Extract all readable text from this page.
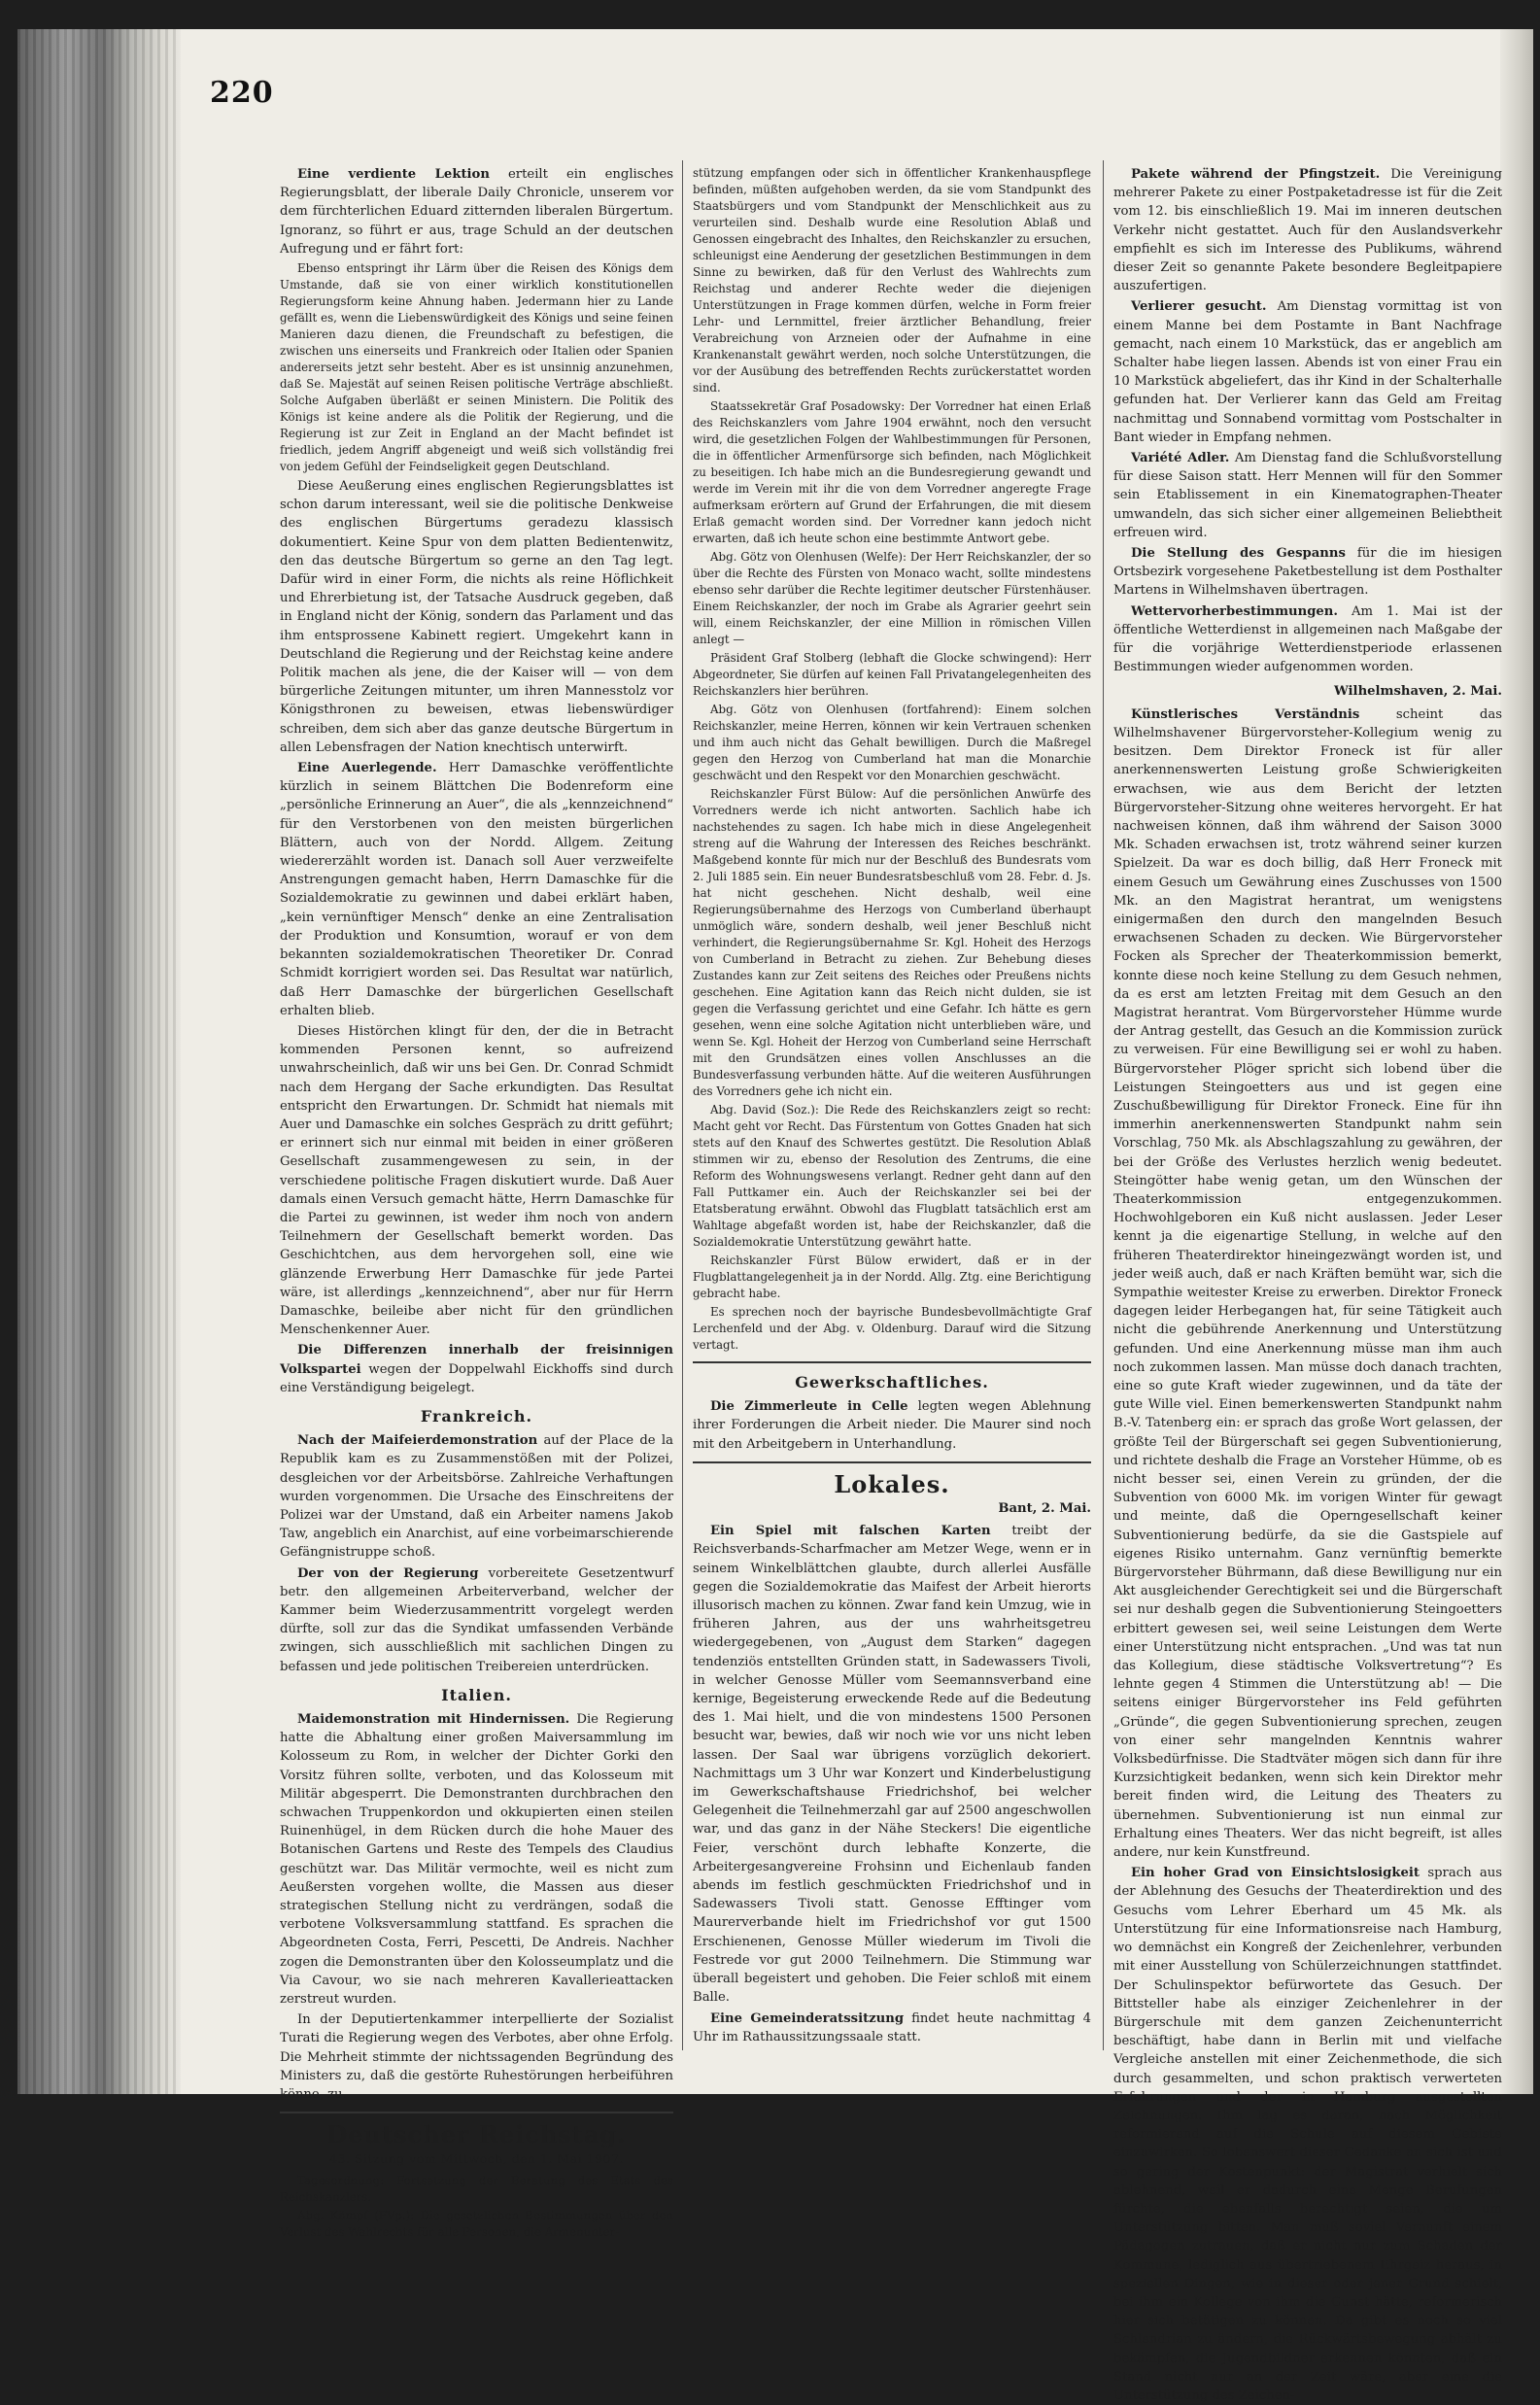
220

Eine verdiente Lektion erteilt ein englisches Regierungsblatt, der liberale Daily Chronicle, unserem vor dem fürchterlichen Eduard zitternden liberalen Bürgertum. Ignoranz, so führt er aus, trage Schuld an der deutschen Aufregung und er fährt fort:

Ebenso entspringt ihr Lärm über die Reisen des Königs dem Umstande, daß sie von einer wirklich konstitutionellen Regierungsform keine Ahnung haben. Jedermann hier zu Lande gefällt es, wenn die Liebenswürdigkeit des Königs und seine feinen Manieren dazu dienen, die Freundschaft zu befestigen, die zwischen uns einerseits und Frankreich oder Italien oder Spanien andererseits jetzt sehr besteht. Aber es ist unsinnig anzunehmen, daß Se. Majestät auf seinen Reisen politische Verträge abschließt. Solche Aufgaben überläßt er seinen Ministern. Die Politik des Königs ist keine andere als die Politik der Regierung, und die Regierung ist zur Zeit in England an der Macht befindet ist friedlich, jedem Angriff abgeneigt und weiß sich vollständig frei von jedem Gefühl der Feindseligkeit gegen Deutschland.

Diese Aeußerung eines englischen Regierungsblattes ist schon darum interessant, weil sie die politische Denkweise des englischen Bürgertums geradezu klassisch dokumentiert. Keine Spur von dem platten Bedientenwitz, den das deutsche Bürgertum so gerne an den Tag legt. Dafür wird in einer Form, die nichts als reine Höflichkeit und Ehrerbietung ist, der Tatsache Ausdruck gegeben, daß in England nicht der König, sondern das Parlament und das ihm entsprossene Kabinett regiert. Umgekehrt kann in Deutschland die Regierung und der Reichstag keine andere Politik machen als jene, die der Kaiser will — von dem bürgerliche Zeitungen mitunter, um ihren Mannesstolz vor Königsthronen zu beweisen, etwas liebenswürdiger schreiben, dem sich aber das ganze deutsche Bürgertum in allen Lebensfragen der Nation knechtisch unterwirft.

Eine Auerlegende. Herr Damaschke veröffentlichte kürzlich in seinem Blättchen Die Bodenreform eine „persönliche Erinnerung an Auer“, die als „kennzeichnend“ für den Verstorbenen von den meisten bürgerlichen Blättern, auch von der Nordd. Allgem. Zeitung wiedererzählt worden ist. Danach soll Auer verzweifelte Anstrengungen gemacht haben, Herrn Damaschke für die Sozialdemokratie zu gewinnen und dabei erklärt haben, „kein vernünftiger Mensch“ denke an eine Zentralisation der Produktion und Konsumtion, worauf er von dem bekannten sozialdemokratischen Theoretiker Dr. Conrad Schmidt korrigiert worden sei. Das Resultat war natürlich, daß Herr Damaschke der bürgerlichen Gesellschaft erhalten blieb.

Dieses Histörchen klingt für den, der die in Betracht kommenden Personen kennt, so aufreizend unwahrscheinlich, daß wir uns bei Gen. Dr. Conrad Schmidt nach dem Hergang der Sache erkundigten. Das Resultat entspricht den Erwartungen. Dr. Schmidt hat niemals mit Auer und Damaschke ein solches Gespräch zu dritt geführt; er erinnert sich nur einmal mit beiden in einer größeren Gesellschaft zusammengewesen zu sein, in der verschiedene politische Fragen diskutiert wurde. Daß Auer damals einen Versuch gemacht hätte, Herrn Damaschke für die Partei zu gewinnen, ist weder ihm noch von andern Teilnehmern der Gesellschaft bemerkt worden. Das Geschichtchen, aus dem hervorgehen soll, eine wie glänzende Erwerbung Herr Damaschke für jede Partei wäre, ist allerdings „kennzeichnend“, aber nur für Herrn Damaschke, beileibe aber nicht für den gründlichen Menschenkenner Auer.

Die Differenzen innerhalb der freisinnigen Volkspartei wegen der Doppelwahl Eickhoffs sind durch eine Verständigung beigelegt.

Frankreich.

Nach der Maifeierdemonstration auf der Place de la Republik kam es zu Zusammenstößen mit der Polizei, desgleichen vor der Arbeitsbörse. Zahlreiche Verhaftungen wurden vorgenommen. Die Ursache des Einschreitens der Polizei war der Umstand, daß ein Arbeiter namens Jakob Taw, angeblich ein Anarchist, auf eine vorbeimarschierende Gefängnistruppe schoß.

Der von der Regierung vorbereitete Gesetzentwurf betr. den allgemeinen Arbeiterverband, welcher der Kammer beim Wiederzusammentritt vorgelegt werden dürfte, soll zur das die Syndikat umfassenden Verbände zwingen, sich ausschließlich mit sachlichen Dingen zu befassen und jede politischen Treibereien unterdrücken.

Italien.

Maidemonstration mit Hindernissen. Die Regierung hatte die Abhaltung einer großen Maiversammlung im Kolosseum zu Rom, in welcher der Dichter Gorki den Vorsitz führen sollte, verboten, und das Kolosseum mit Militär abgesperrt. Die Demonstranten durchbrachen den schwachen Truppenkordon und okkupierten einen steilen Ruinenhügel, in dem Rücken durch die hohe Mauer des Botanischen Gartens und Reste des Tempels des Claudius geschützt war. Das Militär vermochte, weil es nicht zum Aeußersten vorgehen wollte, die Massen aus dieser strategischen Stellung nicht zu verdrängen, sodaß die verbotene Volksversammlung stattfand. Es sprachen die Abgeordneten Costa, Ferri, Pescetti, De Andreis. Nachher zogen die Demonstranten über den Kolosseumplatz und die Via Cavour, wo sie nach mehreren Kavallerieattacken zerstreut wurden.

In der Deputiertenkammer interpellierte der Sozialist Turati die Regierung wegen des Verbotes, aber ohne Erfolg. Die Mehrheit stimmte der nichtssagenden Begründung des Ministers zu, daß die gestörte Ruhestörungen herbeiführen könne, zu.

Deutscher Reichstag.
43. Sitzung vom Mittwoch, den 1. Mai 1907.

Tagesordnung: Fortsetzung der Beratung des Etats des Reichskanzlers.

Abg. Kämpf (FVp.): Die gesetzlichen Bestimmungen über den Verlust des Wahlrechts für alle Personen, die Armenunter-

stützung empfangen oder sich in öffentlicher Krankenhauspflege befinden, müßten aufgehoben werden, da sie vom Standpunkt des Staatsbürgers und vom Standpunkt der Menschlichkeit aus zu verurteilen sind. Deshalb wurde eine Resolution Ablaß und Genossen eingebracht des Inhaltes, den Reichskanzler zu ersuchen, schleunigst eine Aenderung der gesetzlichen Bestimmungen in dem Sinne zu bewirken, daß für den Verlust des Wahlrechts zum Reichstag und anderer Rechte weder die diejenigen Unterstützungen in Frage kommen dürfen, welche in Form freier Lehr- und Lernmittel, freier ärztlicher Behandlung, freier Verabreichung von Arzneien oder der Aufnahme in eine Krankenanstalt gewährt werden, noch solche Unterstützungen, die vor der Ausübung des betreffenden Rechts zurückerstattet worden sind.

Staatssekretär Graf Posadowsky: Der Vorredner hat einen Erlaß des Reichskanzlers vom Jahre 1904 erwähnt, noch den versucht wird, die gesetzlichen Folgen der Wahlbestimmungen für Personen, die in öffentlicher Armenfürsorge sich befinden, nach Möglichkeit zu beseitigen. Ich habe mich an die Bundesregierung gewandt und werde im Verein mit ihr die von dem Vorredner angeregte Frage aufmerksam erörtern auf Grund der Erfahrungen, die mit diesem Erlaß gemacht worden sind. Der Vorredner kann jedoch nicht erwarten, daß ich heute schon eine bestimmte Antwort gebe.

Abg. Götz von Olenhusen (Welfe): Der Herr Reichskanzler, der so über die Rechte des Fürsten von Monaco wacht, sollte mindestens ebenso sehr darüber die Rechte legitimer deutscher Fürstenhäuser. Einem Reichskanzler, der noch im Grabe als Agrarier geehrt sein will, einem Reichskanzler, der eine Million in römischen Villen anlegt —

Präsident Graf Stolberg (lebhaft die Glocke schwingend): Herr Abgeordneter, Sie dürfen auf keinen Fall Privatangelegenheiten des Reichskanzlers hier berühren.

Abg. Götz von Olenhusen (fortfahrend): Einem solchen Reichskanzler, meine Herren, können wir kein Vertrauen schenken und ihm auch nicht das Gehalt bewilligen. Durch die Maßregel gegen den Herzog von Cumberland hat man die Monarchie geschwächt und den Respekt vor den Monarchien geschwächt.

Reichskanzler Fürst Bülow: Auf die persönlichen Anwürfe des Vorredners werde ich nicht antworten. Sachlich habe ich nachstehendes zu sagen. Ich habe mich in diese Angelegenheit streng auf die Wahrung der Interessen des Reiches beschränkt. Maßgebend konnte für mich nur der Beschluß des Bundesrats vom 2. Juli 1885 sein. Ein neuer Bundesratsbeschluß vom 28. Febr. d. Js. hat nicht geschehen. Nicht deshalb, weil eine Regierungsübernahme des Herzogs von Cumberland überhaupt unmöglich wäre, sondern deshalb, weil jener Beschluß nicht verhindert, die Regierungsübernahme Sr. Kgl. Hoheit des Herzogs von Cumberland in Betracht zu ziehen. Zur Behebung dieses Zustandes kann zur Zeit seitens des Reiches oder Preußens nichts geschehen. Eine Agitation kann das Reich nicht dulden, sie ist gegen die Verfassung gerichtet und eine Gefahr. Ich hätte es gern gesehen, wenn eine solche Agitation nicht unterblieben wäre, und wenn Se. Kgl. Hoheit der Herzog von Cumberland seine Herrschaft mit den Grundsätzen eines vollen Anschlusses an die Bundesverfassung verbunden hätte. Auf die weiteren Ausführungen des Vorredners gehe ich nicht ein.

Abg. David (Soz.): Die Rede des Reichskanzlers zeigt so recht: Macht geht vor Recht. Das Fürstentum von Gottes Gnaden hat sich stets auf den Knauf des Schwertes gestützt. Die Resolution Ablaß stimmen wir zu, ebenso der Resolution des Zentrums, die eine Reform des Wohnungswesens verlangt. Redner geht dann auf den Fall Puttkamer ein. Auch der Reichskanzler sei bei der Etatsberatung erwähnt. Obwohl das Flugblatt tatsächlich erst am Wahltage abgefaßt worden ist, habe der Reichskanzler, daß die Sozialdemokratie Unterstützung gewährt hatte.

Reichskanzler Fürst Bülow erwidert, daß er in der Flugblattangelegenheit ja in der Nordd. Allg. Ztg. eine Berichtigung gebracht habe.

Es sprechen noch der bayrische Bundesbevollmächtigte Graf Lerchenfeld und der Abg. v. Oldenburg. Darauf wird die Sitzung vertagt.

Gewerkschaftliches.

Die Zimmerleute in Celle legten wegen Ablehnung ihrer Forderungen die Arbeit nieder. Die Maurer sind noch mit den Arbeitgebern in Unterhandlung.

Lokales.
Bant, 2. Mai.

Ein Spiel mit falschen Karten treibt der Reichsverbands-Scharfmacher am Metzer Wege, wenn er in seinem Winkelblättchen glaubte, durch allerlei Ausfälle gegen die Sozialdemokratie das Maifest der Arbeit hierorts illusorisch machen zu können. Zwar fand kein Umzug, wie in früheren Jahren, aus der uns wahrheitsgetreu wiedergegebenen, von „August dem Starken“ dagegen tendenziös entstellten Gründen statt, in Sadewassers Tivoli, in welcher Genosse Müller vom Seemannsverband eine kernige, Begeisterung erweckende Rede auf die Bedeutung des 1. Mai hielt, und die von mindestens 1500 Personen besucht war, bewies, daß wir noch wie vor uns nicht leben lassen. Der Saal war übrigens vorzüglich dekoriert. Nachmittags um 3 Uhr war Konzert und Kinderbelustigung im Gewerkschaftshause Friedrichshof, bei welcher Gelegenheit die Teilnehmerzahl gar auf 2500 angeschwollen war, und das ganz in der Nähe Steckers! Die eigentliche Feier, verschönt durch lebhafte Konzerte, die Arbeitergesangvereine Frohsinn und Eichenlaub fanden abends im festlich geschmückten Friedrichshof und in Sadewassers Tivoli statt. Genosse Efftinger vom Maurerverbande hielt im Friedrichshof vor gut 1500 Erschienenen, Genosse Müller wiederum im Tivoli die Festrede vor gut 2000 Teilnehmern. Die Stimmung war überall begeistert und gehoben. Die Feier schloß mit einem Balle.

Eine Gemeinderatssitzung findet heute nachmittag 4 Uhr im Rathaussitzungssaale statt.

Pakete während der Pfingstzeit. Die Vereinigung mehrerer Pakete zu einer Postpaketadresse ist für die Zeit vom 12. bis einschließlich 19. Mai im inneren deutschen Verkehr nicht gestattet. Auch für den Auslandsverkehr empfiehlt es sich im Interesse des Publikums, während dieser Zeit so genannte Pakete besondere Begleitpapiere auszufertigen.

Verlierer gesucht. Am Dienstag vormittag ist von einem Manne bei dem Postamte in Bant Nachfrage gemacht, nach einem 10 Markstück, das er angeblich am Schalter habe liegen lassen. Abends ist von einer Frau ein 10 Markstück abgeliefert, das ihr Kind in der Schalterhalle gefunden hat. Der Verlierer kann das Geld am Freitag nachmittag und Sonnabend vormittag vom Postschalter in Bant wieder in Empfang nehmen.

Variété Adler. Am Dienstag fand die Schlußvorstellung für diese Saison statt. Herr Mennen will für den Sommer sein Etablissement in ein Kinematographen-Theater umwandeln, das sich sicher einer allgemeinen Beliebtheit erfreuen wird.

Die Stellung des Gespanns für die im hiesigen Ortsbezirk vorgesehene Paketbestellung ist dem Posthalter Martens in Wilhelmshaven übertragen.

Wettervorherbestimmungen. Am 1. Mai ist der öffentliche Wetterdienst in allgemeinen nach Maßgabe der für die vorjährige Wetterdienstperiode erlassenen Bestimmungen wieder aufgenommen worden.

Wilhelmshaven, 2. Mai.

Künstlerisches Verständnis	scheint das Wilhelmshavener Bürgervorsteher-Kollegium wenig zu besitzen. Dem Direktor Froneck ist für aller anerkennenswerten Leistung große Schwierigkeiten erwachsen, wie aus dem Bericht der letzten Bürgervorsteher-Sitzung ohne weiteres hervorgeht. Er hat nachweisen können, daß ihm während der Saison 3000 Mk. Schaden erwachsen ist, trotz während seiner kurzen Spielzeit. Da war es doch billig, daß Herr Froneck mit einem Gesuch um Gewährung eines Zuschusses von 1500 Mk. an den Magistrat herantrat, um wenigstens einigermaßen den durch den mangelnden Besuch erwachsenen Schaden zu decken. Wie Bürgervorsteher Focken als Sprecher der Theaterkommission bemerkt, konnte diese noch keine Stellung zu dem Gesuch nehmen, da es erst am letzten Freitag mit dem Gesuch an den Magistrat herantrat. Vom Bürgervorsteher Hümme wurde der Antrag gestellt, das Gesuch an die Kommission zurück zu verweisen. Für eine Bewilligung sei er wohl zu haben. Bürgervorsteher Plöger spricht sich lobend über die Leistungen Steingoetters aus und ist gegen eine Zuschußbewilligung für Direktor Froneck. Eine für ihn immerhin anerkennenswerten Standpunkt nahm sein Vorschlag, 750 Mk. als Abschlagszahlung zu gewähren, der bei der Größe des Verlustes herzlich wenig bedeutet. Steingötter habe wenig getan, um den Wünschen der Theaterkommission entgegenzukommen. Hochwohlgeboren ein Kuß nicht auslassen. Jeder Leser kennt ja die eigenartige Stellung, in welche auf den früheren Theaterdirektor hineingezwängt worden ist, und jeder weiß auch, daß er nach Kräften bemüht war, sich die Sympathie weitester Kreise zu erwerben. Direktor Froneck dagegen leider Herbegangen hat, für seine Tätigkeit auch nicht die gebührende Anerkennung und Unterstützung gefunden. Und eine Anerkennung müsse man ihm auch noch zukommen lassen. Man müsse doch danach trachten, eine so gute Kraft wieder zugewinnen, und da täte der gute Wille viel. Einen bemerkenswerten Standpunkt nahm B.-V. Tatenberg ein: er sprach das große Wort gelassen, der größte Teil der Bürgerschaft sei gegen Subventionierung, und richtete deshalb die Frage an Vorsteher Hümme, ob es nicht besser sei, einen Verein zu gründen, der die Subvention von 6000 Mk. im vorigen Winter für gewagt und meinte, daß die Operngesellschaft keiner Subventionierung bedürfe, da sie die Gastspiele auf eigenes Risiko unternahm. Ganz vernünftig bemerkte Bürgervorsteher Bührmann, daß diese Bewilligung nur ein Akt ausgleichender Gerechtigkeit sei und die Bürgerschaft sei nur deshalb gegen die Subventionierung Steingoetters erbittert gewesen sei, weil seine Leistungen dem Werte einer Unterstützung nicht entsprachen. „Und was tat nun das Kollegium, diese städtische Volksvertretung“? Es lehnte gegen 4 Stimmen die Unterstützung ab! — Die seitens einiger Bürgervorsteher ins Feld geführten „Gründe“, die gegen Subventionierung sprechen, zeugen von einer sehr mangelnden Kenntnis wahrer Volksbedürfnisse. Die Stadtväter mögen sich dann für ihre Kurzsichtigkeit bedanken, wenn sich kein Direktor mehr bereit finden wird, die Leitung des Theaters zu übernehmen. Subventionierung ist nun einmal zur Erhaltung eines Theaters. Wer das nicht begreift, ist alles andere, nur kein Kunstfreund.

Ein hoher Grad von Einsichtslosigkeit sprach aus der Ablehnung des Gesuchs der Theaterdirektion und des Gesuchs vom Lehrer Eberhard um 45 Mk. als Unterstützung für eine Informationsreise nach Hamburg, wo demnächst ein Kongreß der Zeichenlehrer, verbunden mit einer Ausstellung von Schülerzeichnungen stattfindet. Der Schulinspektor befürwortete das Gesuch. Der Bittsteller habe als einziger Zeichenlehrer in der Bürgerschule mit dem ganzen Zeichenunterricht beschäftigt, habe dann in Berlin mit und vielfache Vergleiche anstellen mit einer Zeichenmethode, die sich durch gesammelten, und schon praktisch verwerteten Erfahrungen und der in Hamburg ausgestellten Zeichnungen. Ihm lag es daran, nach Möglichkeit reformierend auf die Schule auf diesem Gebiete einzuwirken. So lobenswert dieser Gedanke an sich ist und so gering der Kostenpunkt: der Magistrat verhielt sich ablehnend, weil er dadurch eine Menge Berufungen fürchte, die ebenfalls berechtigt seien, die um Unterstützung bitten. Man muß soviel Vernunft einem Pädagogen zutrauen, daß er nicht nur zum Schaden der Kommune, lediglich aus übertriebenem Ehrgeiz heraus, in speziellen Dingen, wie in dieser oder jener Grund schielt, bei ihm ein Kollege von ihm die Gunst hätte, reformerisch hier sich betätigen zu können. Da gibt es noch so viel Schlendrian zu ändern, die Rückwärtsbewegung abhält zu bekämpfen, die Jugendbildner erkennen könnten, daß ein Stand nicht nur an der Zeit wäre, aber eine die Unterstützung des Zeichen-
